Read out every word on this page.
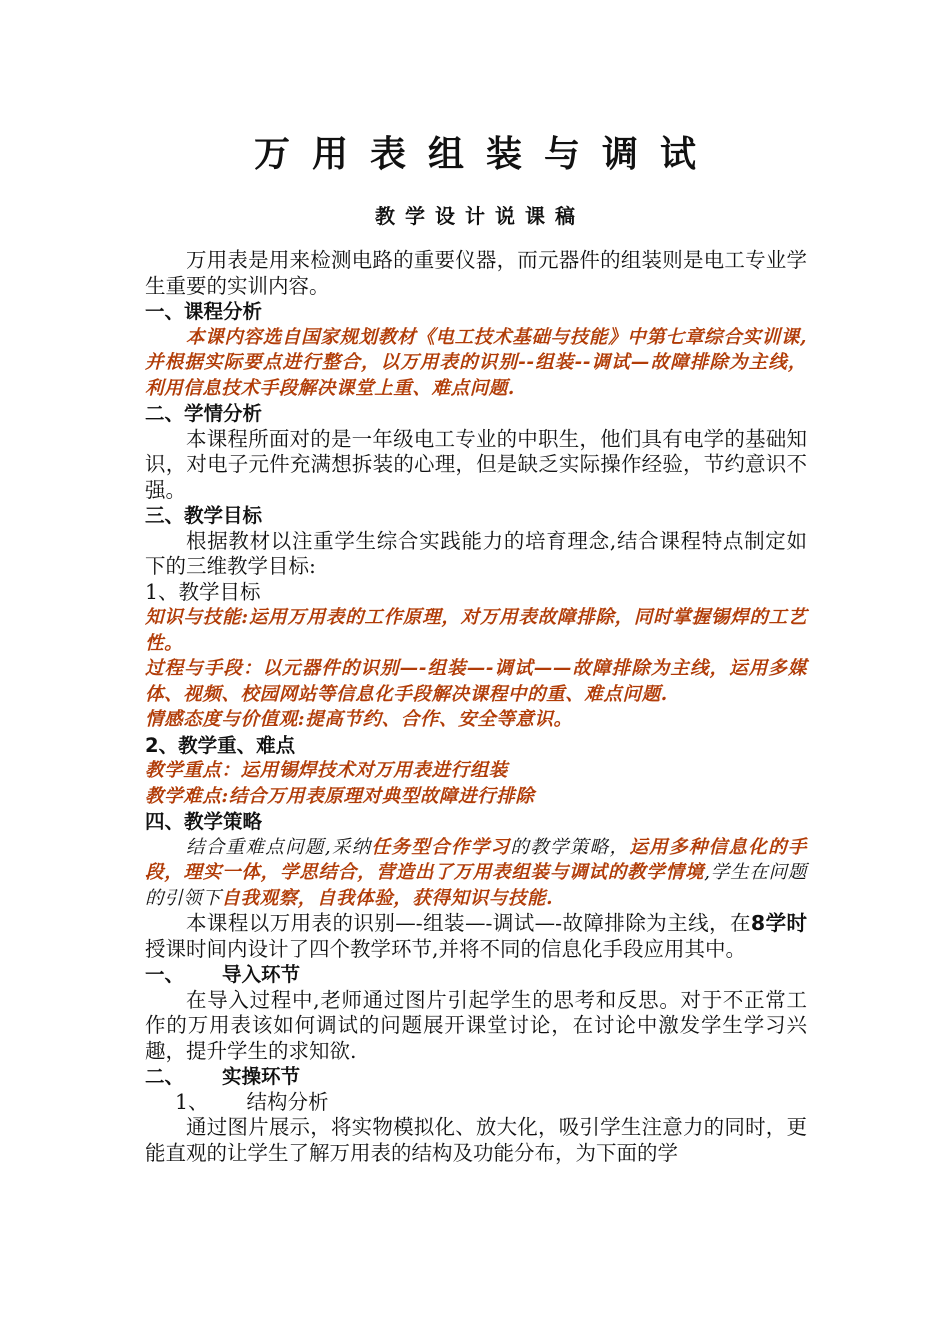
万用表组装与调试
教学设计说课稿

万用表是用来检测电路的重要仪器，而元器件的组装则是电工专业学生重要的实训内容。

一、课程分析

本课内容选自国家规划教材《电工技术基础与技能》中第七章综合实训课,并根据实际要点进行整合，以万用表的识别--组装--调试—故障排除为主线，利用信息技术手段解决课堂上重、难点问题.

二、学情分析

本课程所面对的是一年级电工专业的中职生，他们具有电学的基础知识，对电子元件充满想拆装的心理，但是缺乏实际操作经验，节约意识不强。

三、教学目标

根据教材以注重学生综合实践能力的培育理念,结合课程特点制定如下的三维教学目标:

1、教学目标

知识与技能:运用万用表的工作原理，对万用表故障排除，同时掌握锡焊的工艺性。

过程与手段：以元器件的识别—-组装—-调试——故障排除为主线，运用多媒体、视频、校园网站等信息化手段解决课程中的重、难点问题.

情感态度与价值观:提高节约、合作、安全等意识。

2、教学重、难点

教学重点：运用锡焊技术对万用表进行组装

教学难点:结合万用表原理对典型故障进行排除

四、教学策略

结合重难点问题,采纳任务型合作学习的教学策略，运用多种信息化的手段，理实一体，学思结合，营造出了万用表组装与调试的教学情境,学生在问题的引领下自我观察，自我体验，获得知识与技能.

本课程以万用表的识别—-组装—-调试—-故障排除为主线，在8学时授课时间内设计了四个教学环节,并将不同的信息化手段应用其中。

一、 导入环节

在导入过程中,老师通过图片引起学生的思考和反思。对于不正常工作的万用表该如何调试的问题展开课堂讨论，在讨论中激发学生学习兴趣，提升学生的求知欲.

二、 实操环节

1、 结构分析

通过图片展示，将实物模拟化、放大化，吸引学生注意力的同时，更能直观的让学生了解万用表的结构及功能分布，为下面的学
